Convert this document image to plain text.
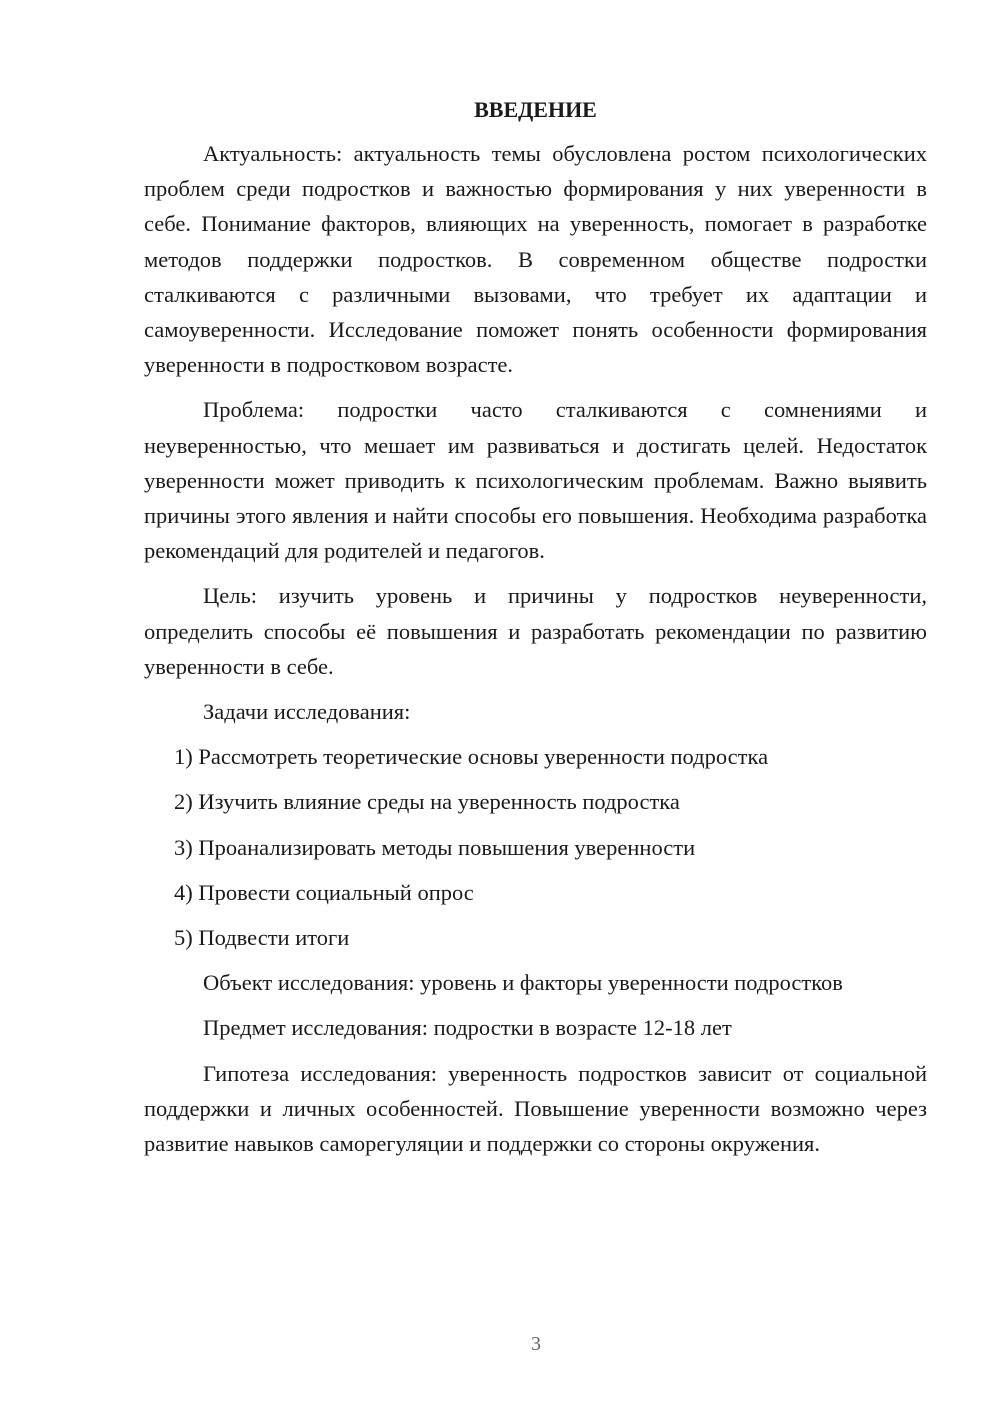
ВВЕДЕНИЕ

Актуальность: актуальность темы обусловлена ростом психологических проблем среди подростков и важностью формирования у них уверенности в себе. Понимание факторов, влияющих на уверенность, помогает в разработке методов поддержки подростков. В современном обществе подростки сталкиваются с различными вызовами, что требует их адаптации и самоуверенности. Исследование поможет понять особенности формирования уверенности в подростковом возрасте.

Проблема: подростки часто сталкиваются с сомнениями и неуверенностью, что мешает им развиваться и достигать целей. Недостаток уверенности может приводить к психологическим проблемам. Важно выявить причины этого явления и найти способы его повышения. Необходима разработка рекомендаций для родителей и педагогов.

Цель: изучить уровень и причины у подростков неуверенности, определить способы её повышения и разработать рекомендации по развитию уверенности в себе.

Задачи исследования:

1) Рассмотреть теоретические основы уверенности подростка
2) Изучить влияние среды на уверенность подростка
3) Проанализировать методы повышения уверенности
4) Провести социальный опрос
5) Подвести итоги

Объект исследования: уровень и факторы уверенности подростков

Предмет исследования: подростки в возрасте 12-18 лет

Гипотеза исследования: уверенность подростков зависит от социальной поддержки и личных особенностей. Повышение уверенности возможно через развитие навыков саморегуляции и поддержки со стороны окружения.

3
